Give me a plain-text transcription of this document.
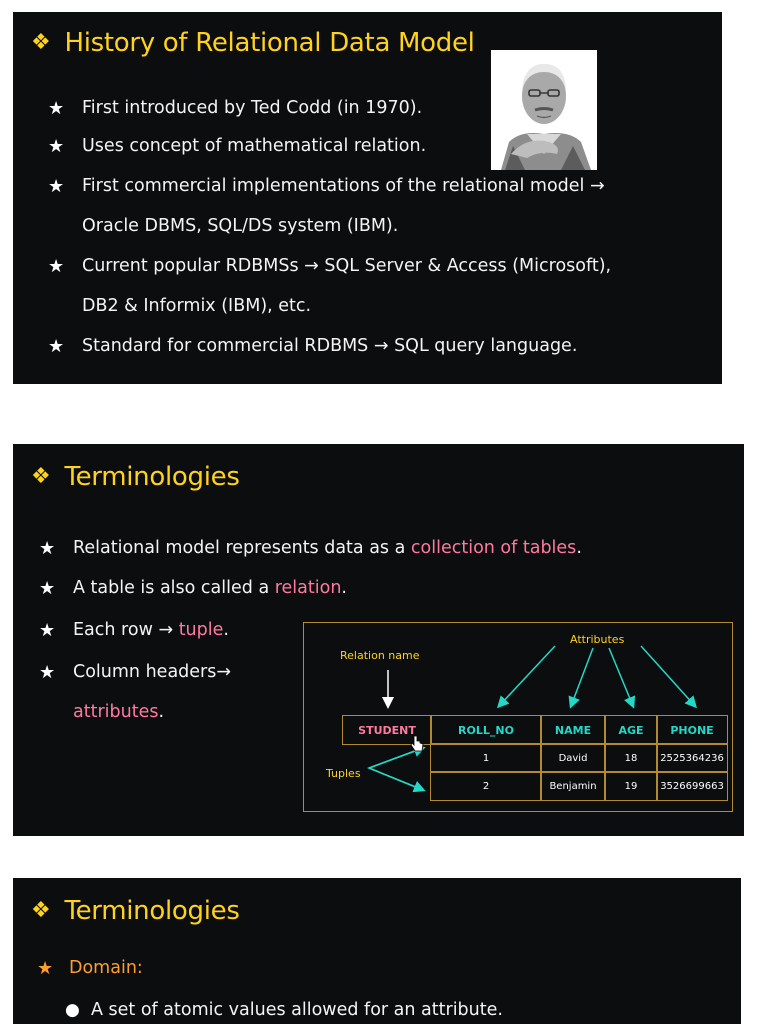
❖ History of Relational Data Model
★ First introduced by Ted Codd (in 1970).
★ Uses concept of mathematical relation.
★ First commercial implementations of the relational model →
Oracle DBMS, SQL/DS system (IBM).
★ Current popular RDBMSs → SQL Server & Access (Microsoft),
DB2 & Informix (IBM), etc.
★ Standard for commercial RDBMS → SQL query language.
❖ Terminologies
★ Relational model represents data as a collection of tables.
★ A table is also called a relation.
★ Each row → tuple.
★ Column headers→
attributes.
Attributes
Relation name
Tuples
STUDENT	ROLL_NO	NAME	AGE	PHONE
1	David	18	2525364236
2	Benjamin	19	3526699663
❖ Terminologies
★ Domain:
● A set of atomic values allowed for an attribute.
